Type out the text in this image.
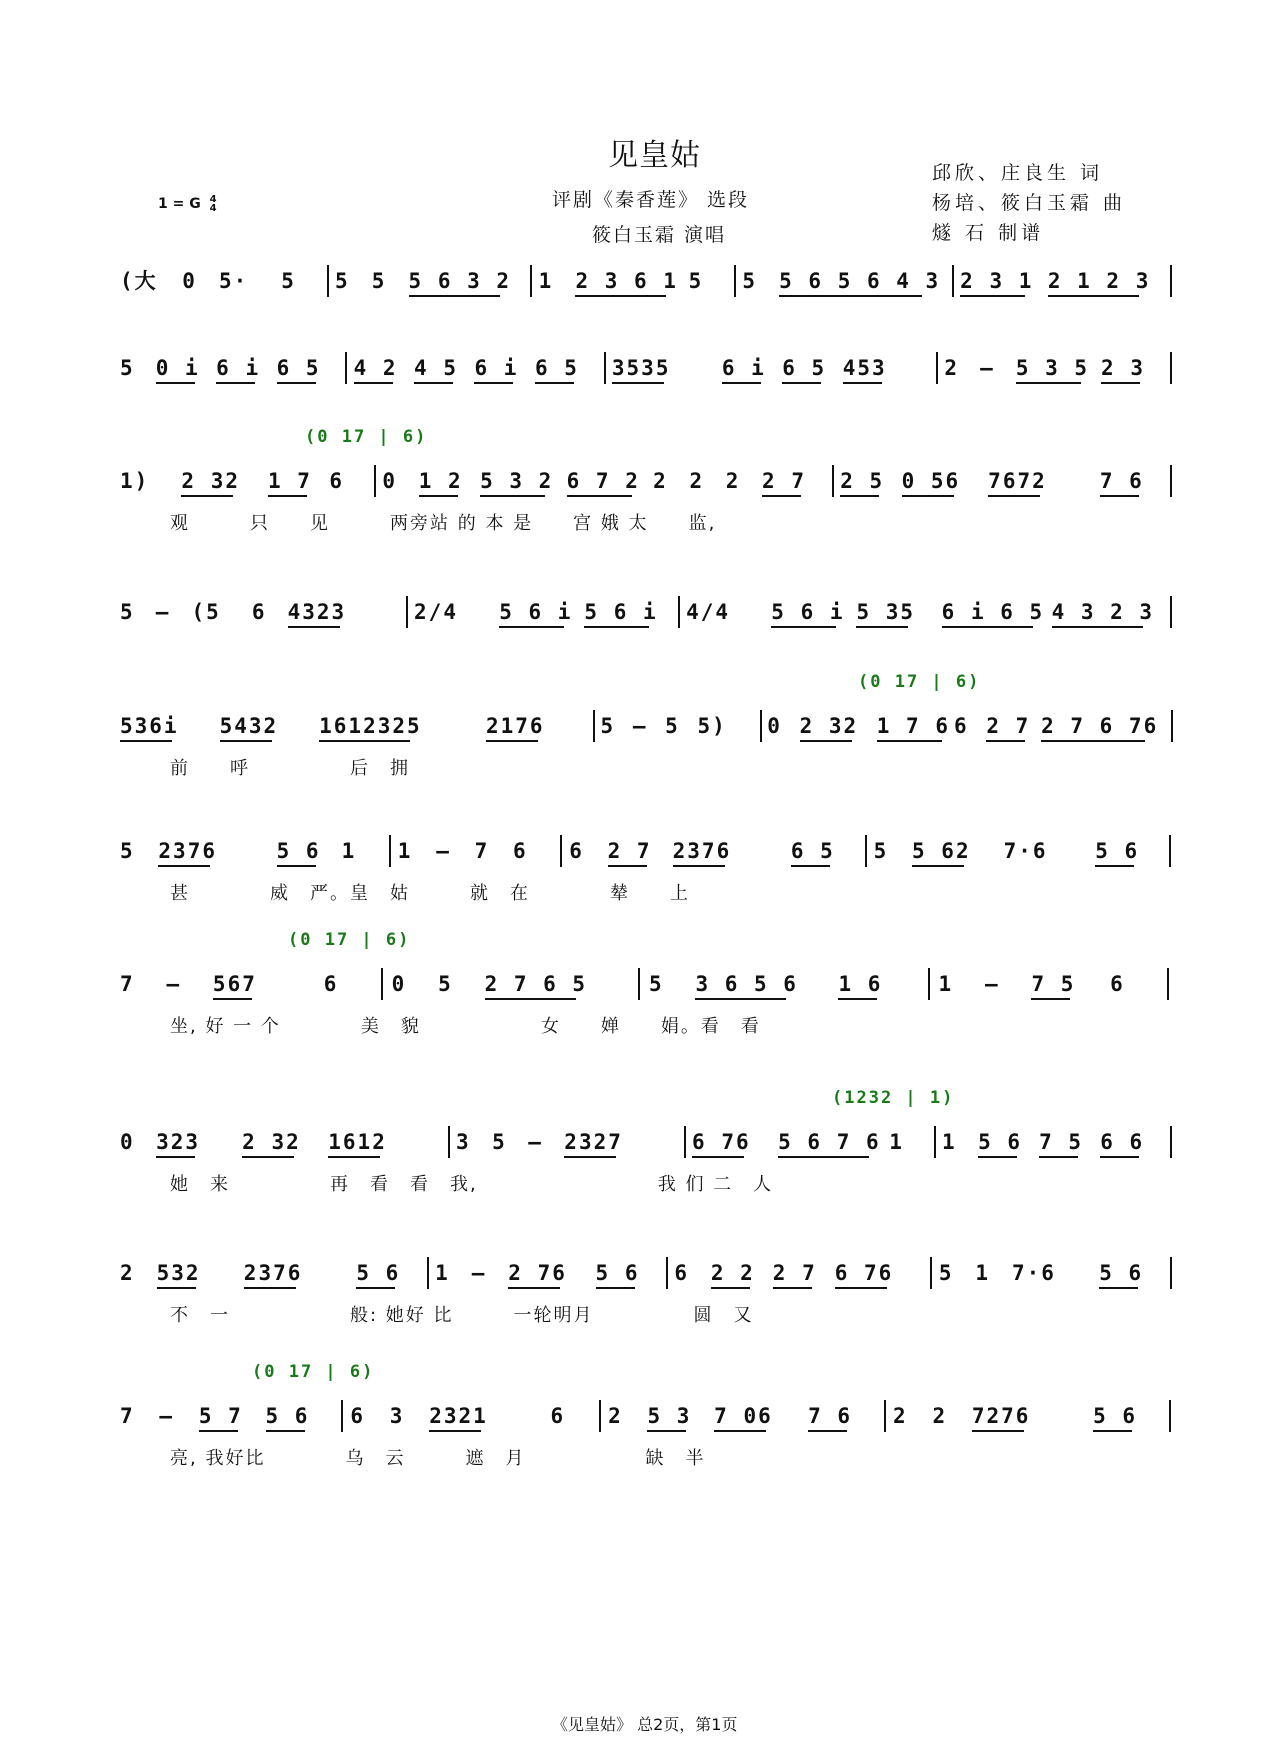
见皇姑
评剧《秦香莲》 选段
筱白玉霜 演唱
邱欣、庄良生 词
杨培、筱白玉霜 曲
燧 石 制谱
1 = G 4
4
(大 0 5· 5 5 5 5 6 3 2 1 2 3 6 1 5 5 5 6 5 6 4 3 2 3 1 2 1 2 3
5 0 i 6 i 6 5 4 2 4 5 6 i 6 5 3535 6 i 6 5 453	2 – 5 3 5 2 3
1) 2 32 1 7 6 0 1 2 5 3 2 6 7 2 2 2 2 2 7 2 5 0 56 7672	7 6
观　　　只　　见　　　两旁站 的 本 是　　宫 娥 太　　监,
5 – (5 6 4323	2/4 5 6 i 5 6 i 4/4 5 6 i 5 35 6 i 6 5 4 3 2 3
536i 5432 1612325	2176	5 – 5 5) 0 2 32 1 7 6 6 2 7 2 7 6 76
前　　呼　　　　　后　拥
5 2376	5 6 1 1 – 7 6 6 2 7 2376	6 5 5 5 62 7·6 5 6
甚　　　　威　严。皇　姑　　　就　在　　　　辇　　上
7 – 567	6	0 5 2 7 6 5	5 3 6 5 6 1 6	1 – 7 5 6
坐, 好 一 个　　　　美　貌　　　　　　女　　婵　　娟。看　看
0 323 2 32 1612	3 5 – 2327	6 76 5 6 7 6 1 1 5 6 7 5 6 6
她　来　　　　　再　看　看　我,　　　　　　　　　我 们 二　人
2 532 2376	5 6 1 – 2 76 5 6 6 2 2 2 7 6 76 5 1 7·6 5 6
不　一　　　　　　般: 她好 比　　　一轮明月　　　　　圆　又
7 – 5 7 5 6 6 3 2321	6 2 5 3 7 06 7 6 2 2 7276	5 6
亮, 我好比　　　　乌　云　　　遮　月　　　　　　缺　半
《见皇姑》 总2页，第1页
(0 17 | 6)
(0 17 | 6)
(0 17 | 6)
(1232 | 1)
(0 17 | 6)
